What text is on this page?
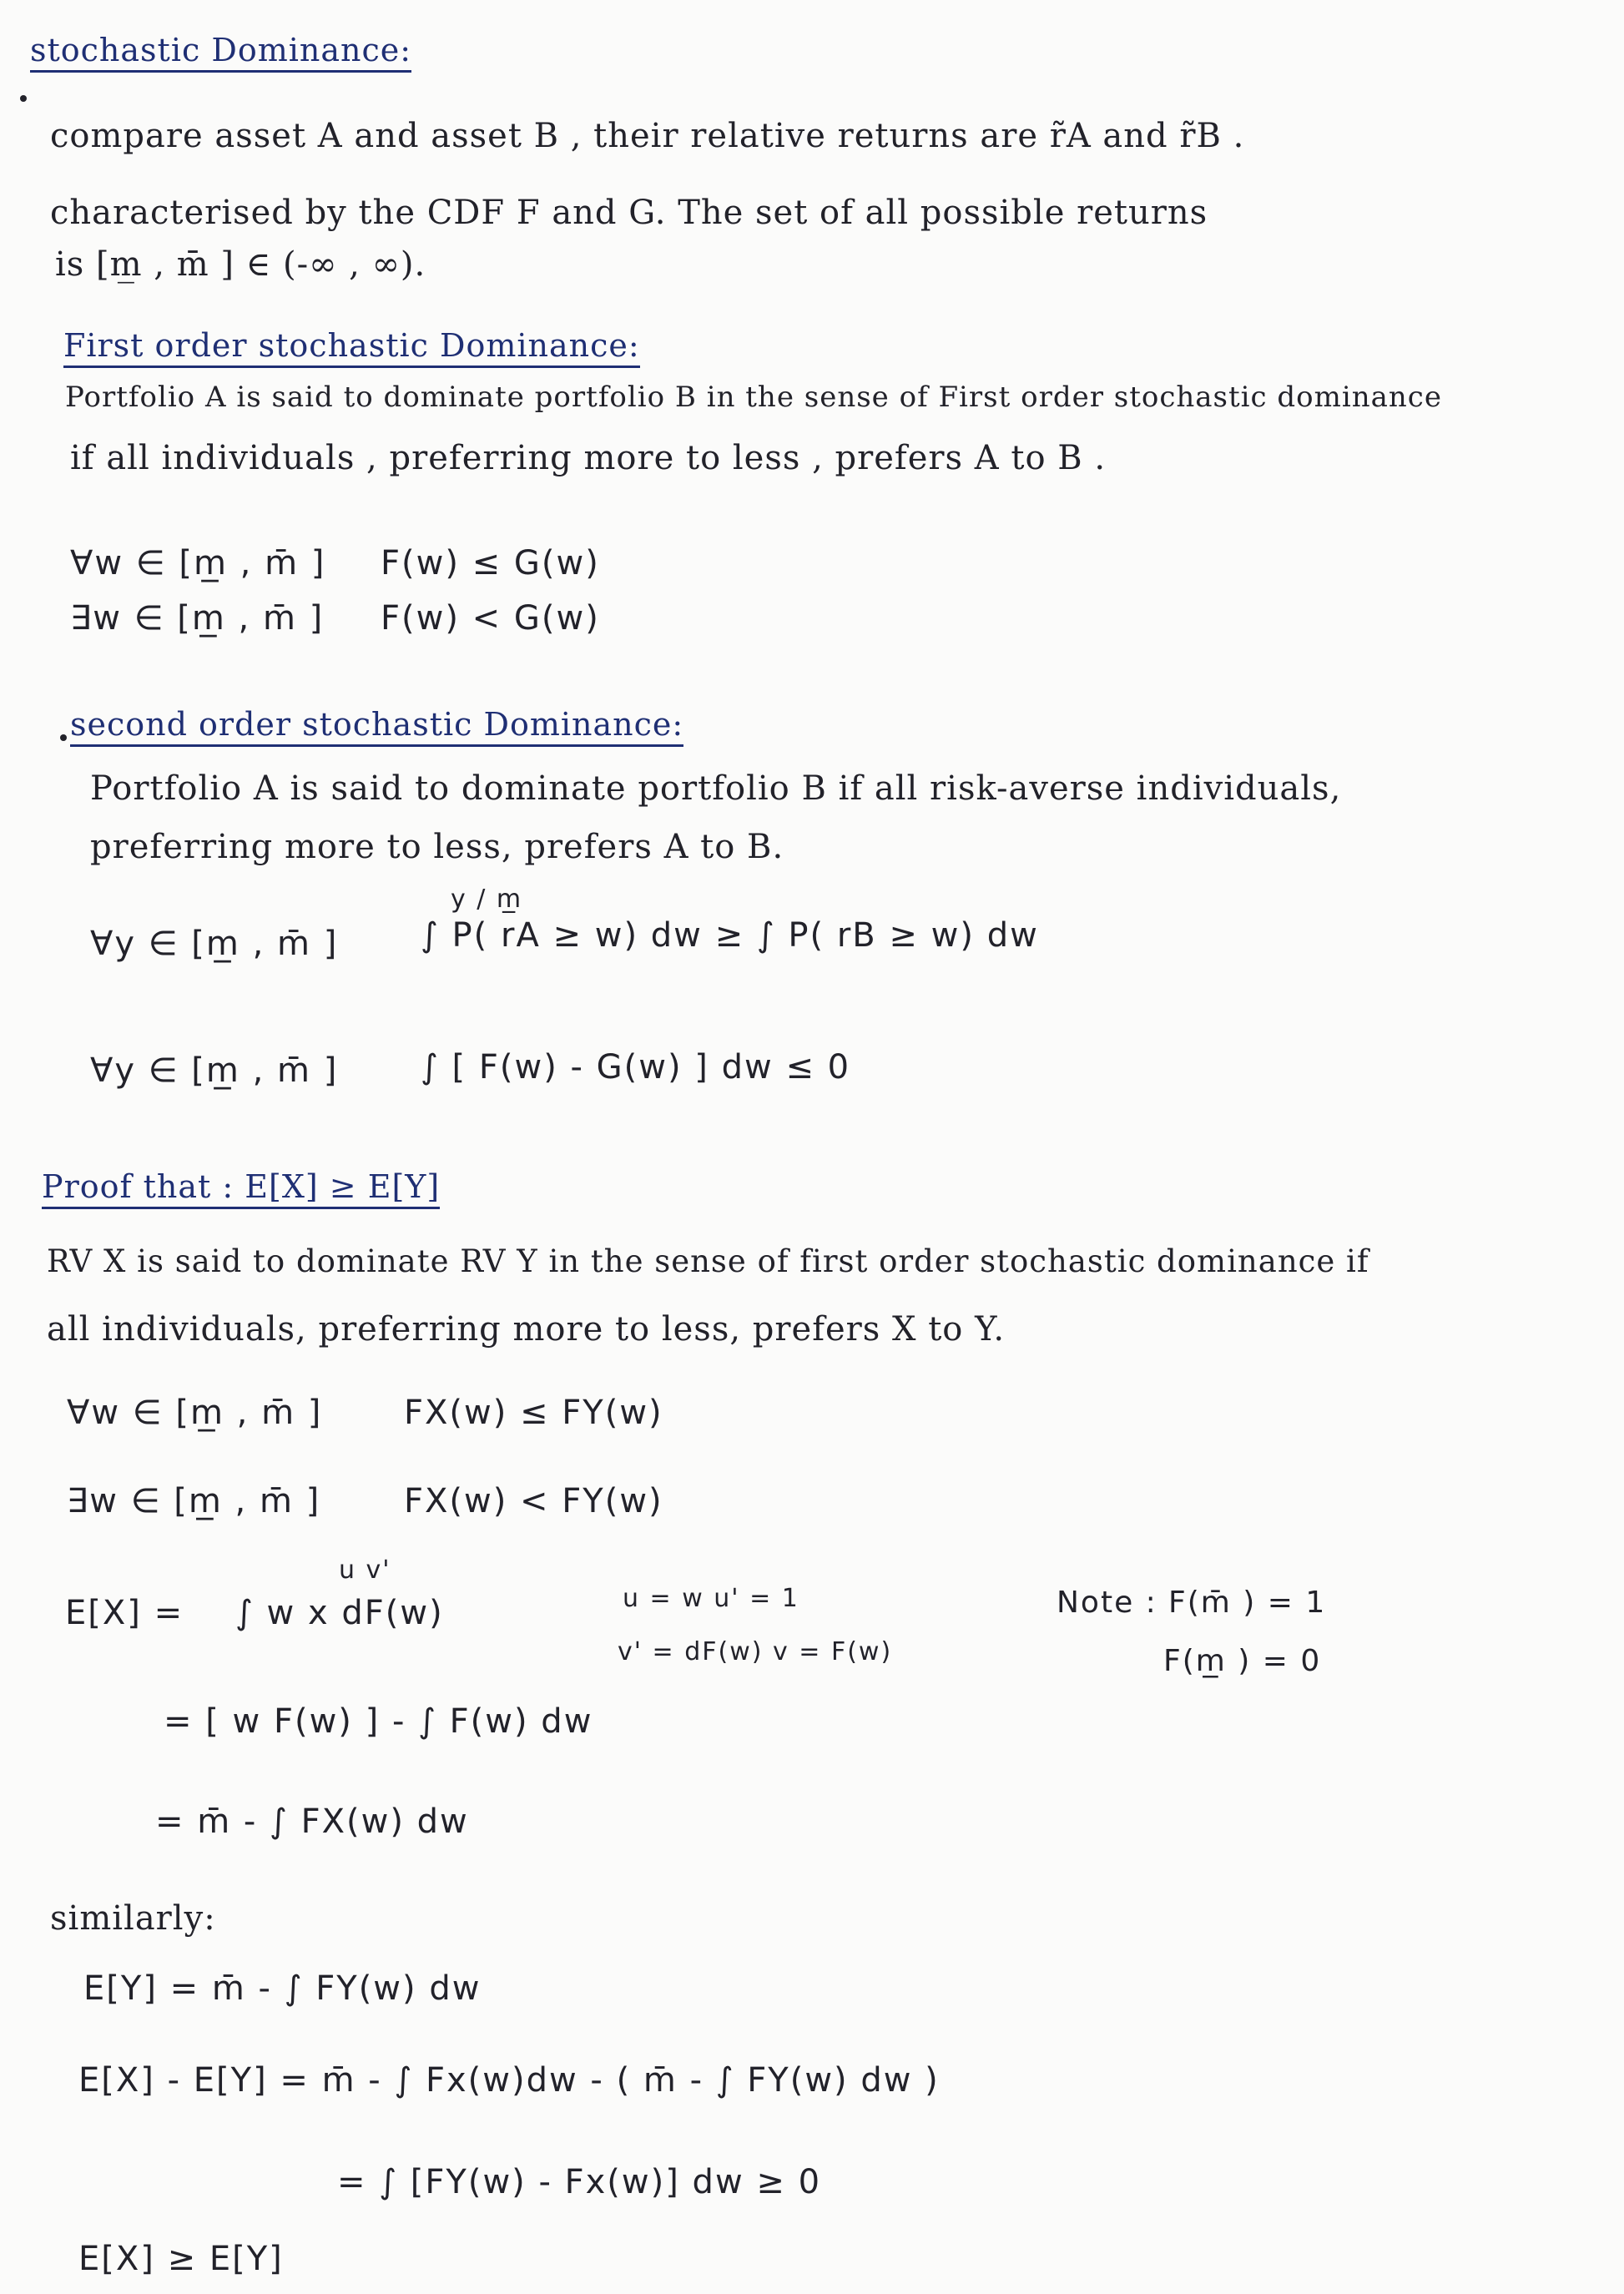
stochastic Dominance:
compare asset A and asset B , their relative returns are r̃A and r̃B .
characterised by the CDF F and G. The set of all possible returns
is [m̲ , m̄ ] ∈ (-∞ , ∞).
First order stochastic Dominance:
Portfolio A is said to dominate portfolio B in the sense of First order stochastic dominance
if all individuals , preferring more to less , prefers A to B .
∀w ∈ [m̲ , m̄ ] F(w) ≤ G(w)
∃w ∈ [m̲ , m̄ ] F(w) < G(w)
second order stochastic Dominance:
Portfolio A is said to dominate portfolio B if all risk-averse individuals,
preferring more to less, prefers A to B.
∀y ∈ [m̲ , m̄ ] ∫ P( rA ≥ w) dw ≥ ∫ P( rB ≥ w) dw
y / m̲
∀y ∈ [m̲ , m̄ ] ∫ [ F(w) - G(w) ] dw ≤ 0
Proof that : E[X] ≥ E[Y]
RV X is said to dominate RV Y in the sense of first order stochastic dominance if
all individuals, preferring more to less, prefers X to Y.
∀w ∈ [m̲ , m̄ ] FX(w) ≤ FY(w)
∃w ∈ [m̲ , m̄ ] FX(w) < FY(w)
u v'
E[X] = ∫ w x dF(w)	u = w u' = 1
v' = dF(w) v = F(w)
Note : F(m̄ ) = 1
F(m̲ ) = 0
= [ w F(w) ] - ∫ F(w) dw
= m̄ - ∫ FX(w) dw
similarly:
E[Y] = m̄ - ∫ FY(w) dw
E[X] - E[Y] = m̄ - ∫ Fx(w)dw - ( m̄ - ∫ FY(w) dw )
= ∫ [FY(w) - Fx(w)] dw ≥ 0
E[X] ≥ E[Y]
